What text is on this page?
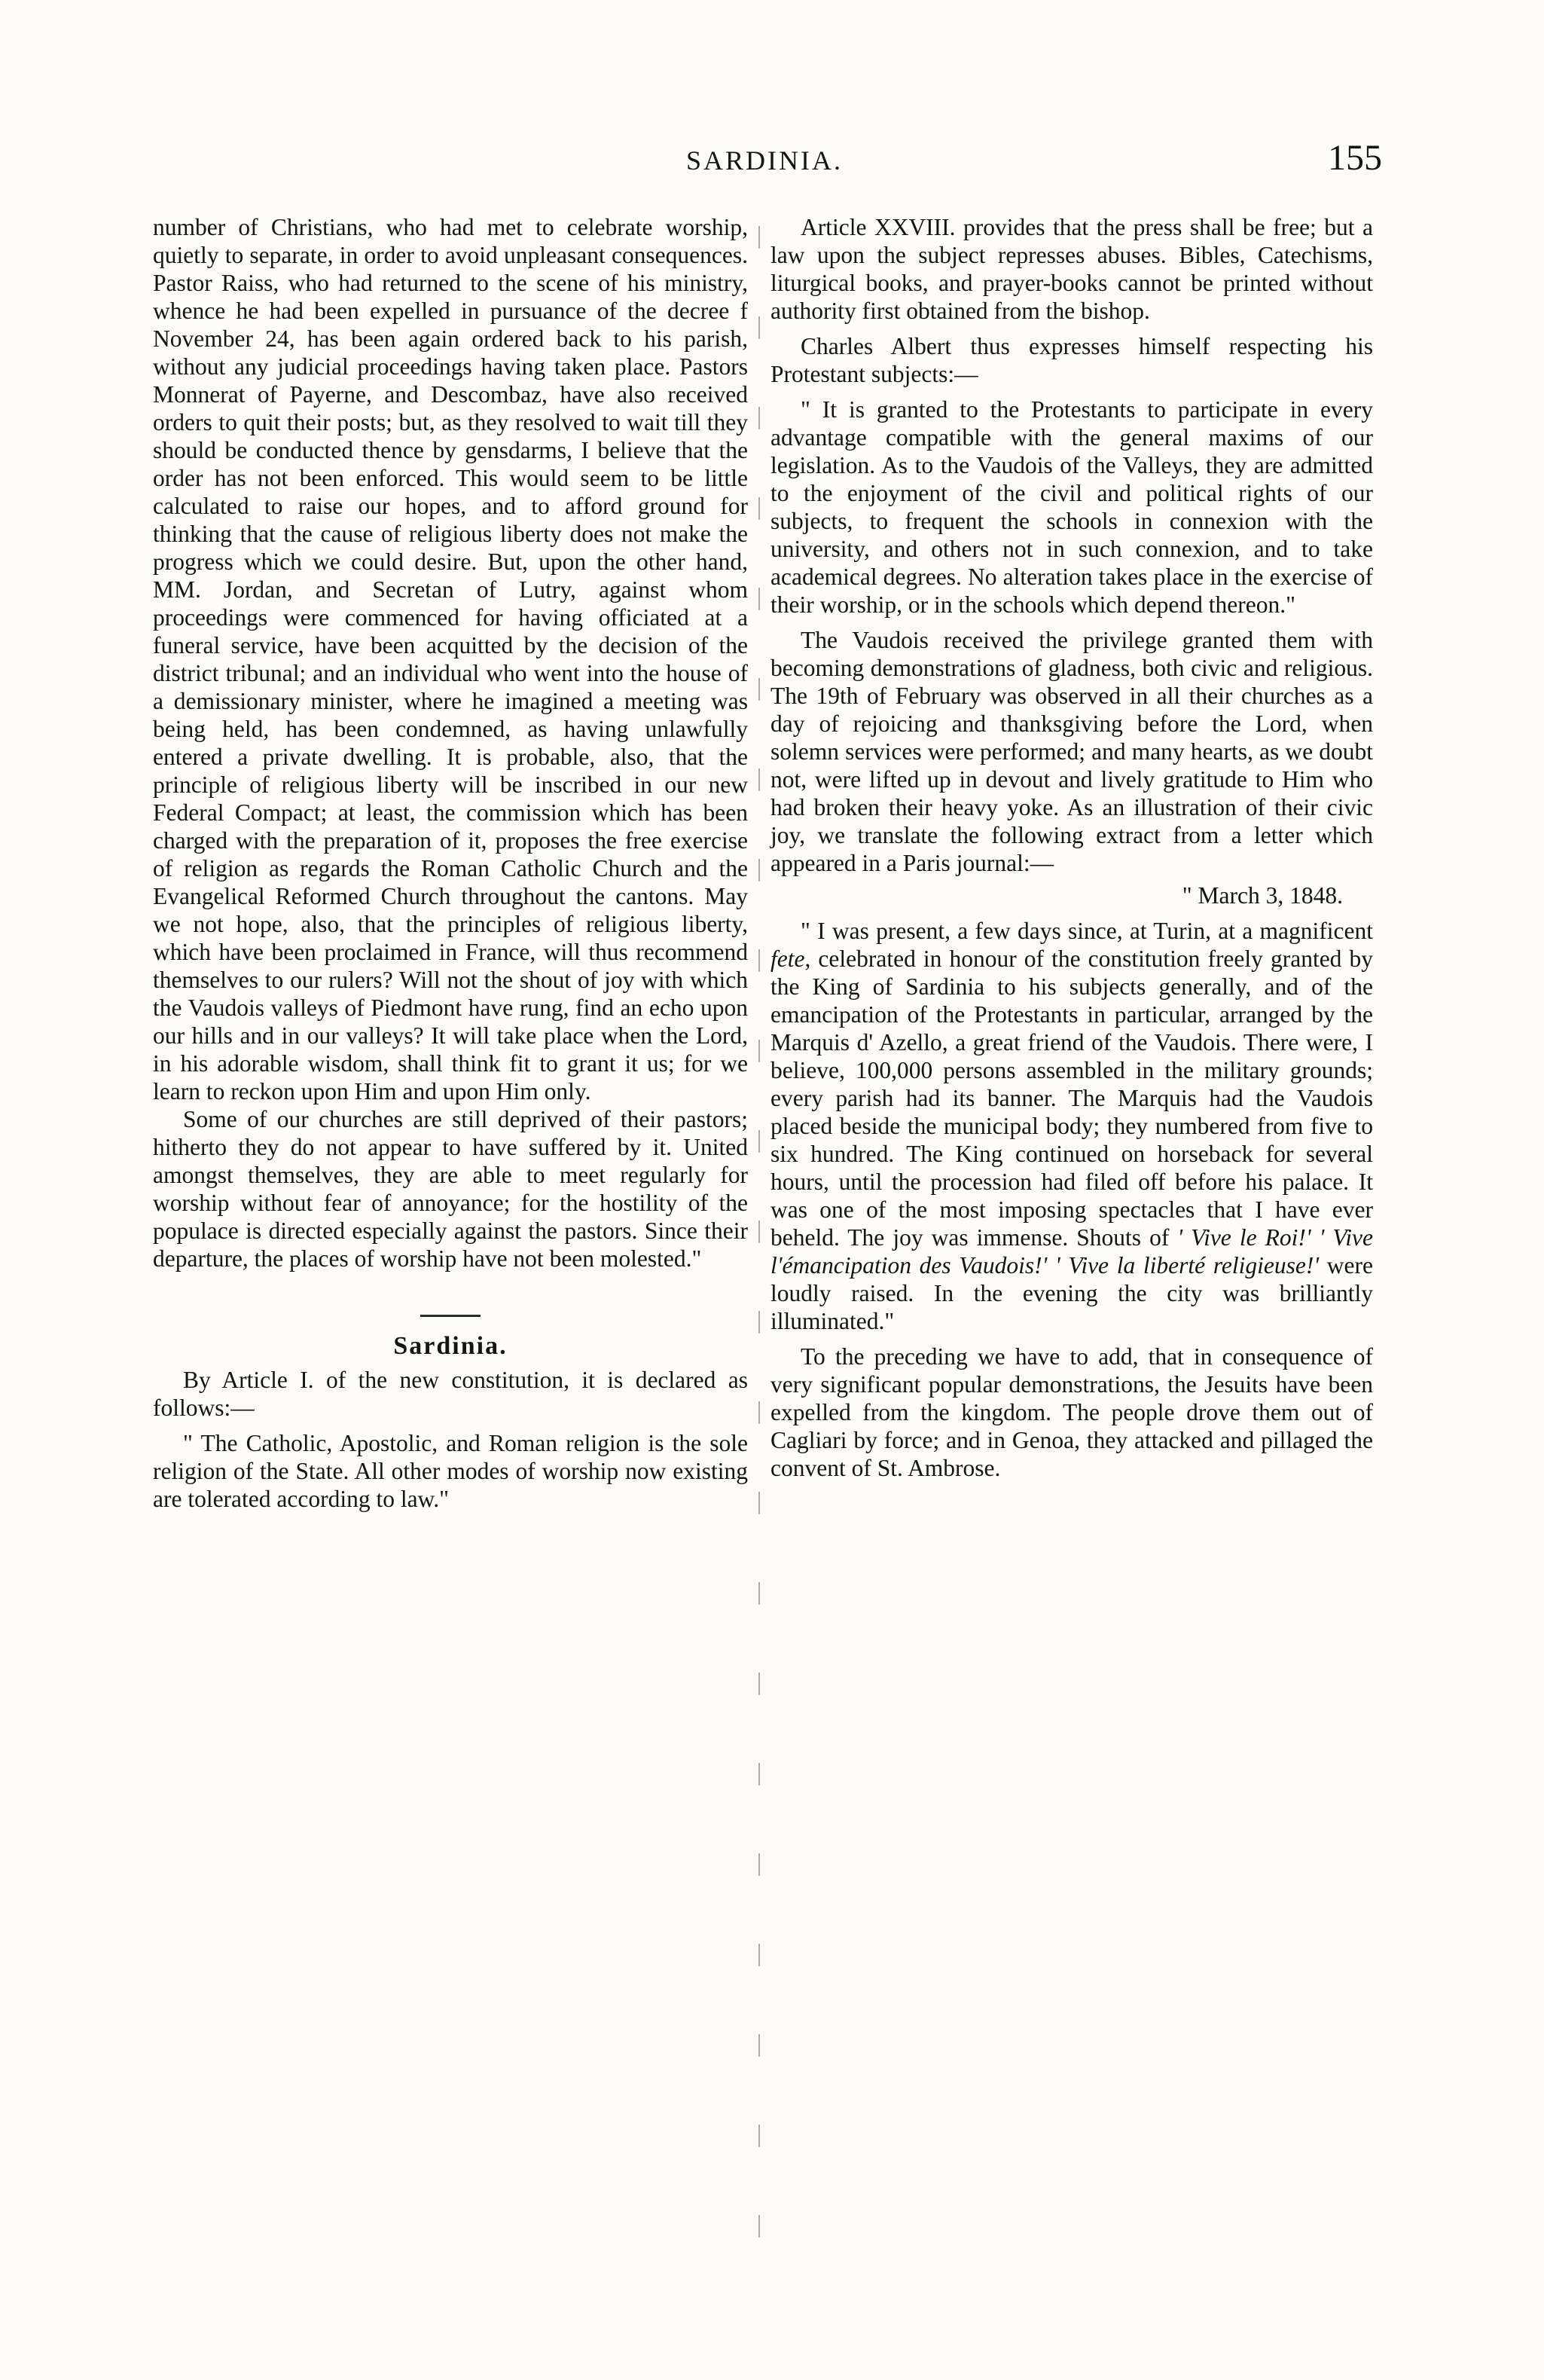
SARDINIA.	155

number of Christians, who had met to celebrate worship, quietly to separate, in order to avoid unpleasant consequences. Pastor Raiss, who had returned to the scene of his ministry, whence he had been expelled in pursuance of the decree f November 24, has been again ordered back to his parish, without any judicial proceedings having taken place. Pastors Monnerat of Payerne, and Descombaz, have also received orders to quit their posts; but, as they resolved to wait till they should be conducted thence by gensdarms, I believe that the order has not been enforced. This would seem to be little calculated to raise our hopes, and to afford ground for thinking that the cause of religious liberty does not make the progress which we could desire. But, upon the other hand, MM. Jordan, and Secretan of Lutry, against whom proceedings were commenced for having officiated at a funeral service, have been acquitted by the decision of the district tribunal; and an individual who went into the house of a demissionary minister, where he imagined a meeting was being held, has been condemned, as having unlawfully entered a private dwelling. It is probable, also, that the principle of religious liberty will be inscribed in our new Federal Compact; at least, the commission which has been charged with the preparation of it, proposes the free exercise of religion as regards the Roman Catholic Church and the Evangelical Reformed Church throughout the cantons. May we not hope, also, that the principles of religious liberty, which have been proclaimed in France, will thus recommend themselves to our rulers? Will not the shout of joy with which the Vaudois valleys of Piedmont have rung, find an echo upon our hills and in our valleys? It will take place when the Lord, in his adorable wisdom, shall think fit to grant it us; for we learn to reckon upon Him and upon Him only.

Some of our churches are still deprived of their pastors; hitherto they do not appear to have suffered by it. United amongst themselves, they are able to meet regularly for worship without fear of annoyance; for the hostility of the populace is directed especially against the pastors. Since their departure, the places of worship have not been molested."

Sardinia.

By Article I. of the new constitution, it is declared as follows:—

" The Catholic, Apostolic, and Roman religion is the sole religion of the State. All other modes of worship now existing are tolerated according to law."

Article XXVIII. provides that the press shall be free; but a law upon the subject represses abuses. Bibles, Catechisms, liturgical books, and prayer-books cannot be printed without authority first obtained from the bishop.

Charles Albert thus expresses himself respecting his Protestant subjects:—

" It is granted to the Protestants to participate in every advantage compatible with the general maxims of our legislation. As to the Vaudois of the Valleys, they are admitted to the enjoyment of the civil and political rights of our subjects, to frequent the schools in connexion with the university, and others not in such connexion, and to take academical degrees. No alteration takes place in the exercise of their worship, or in the schools which depend thereon."

The Vaudois received the privilege granted them with becoming demonstrations of gladness, both civic and religious. The 19th of February was observed in all their churches as a day of rejoicing and thanksgiving before the Lord, when solemn services were performed; and many hearts, as we doubt not, were lifted up in devout and lively gratitude to Him who had broken their heavy yoke. As an illustration of their civic joy, we translate the following extract from a letter which appeared in a Paris journal:—

" March 3, 1848.

" I was present, a few days since, at Turin, at a magnificent fete, celebrated in honour of the constitution freely granted by the King of Sardinia to his subjects generally, and of the emancipation of the Protestants in particular, arranged by the Marquis d' Azello, a great friend of the Vaudois. There were, I believe, 100,000 persons assembled in the military grounds; every parish had its banner. The Marquis had the Vaudois placed beside the municipal body; they numbered from five to six hundred. The King continued on horseback for several hours, until the procession had filed off before his palace. It was one of the most imposing spectacles that I have ever beheld. The joy was immense. Shouts of ' Vive le Roi!' ' Vive l'émancipation des Vaudois!' ' Vive la liberté religieuse!' were loudly raised. In the evening the city was brilliantly illuminated."

To the preceding we have to add, that in consequence of very significant popular demonstrations, the Jesuits have been expelled from the kingdom. The people drove them out of Cagliari by force; and in Genoa, they attacked and pillaged the convent of St. Ambrose.
